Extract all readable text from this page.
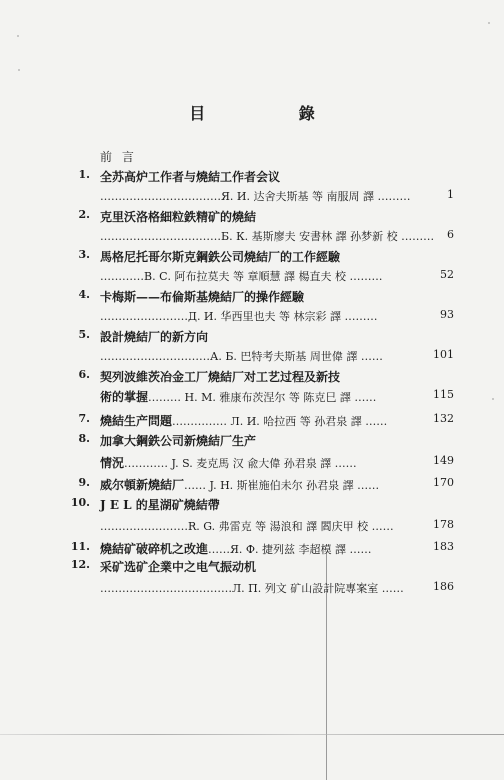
目 錄
前 言
1. 全苏高炉工作者与燒結工作者会议
……………………………Я. И. 达舍夫斯基 等 南服周 譯 ………	1
2. 克里沃洛格細粒鉄精矿的燒結
……………………………Б. К. 基斯廖夫 安書林 譯 孙梦新 校 ……… 6
3. 馬格尼托哥尔斯克鋼鉄公司燒結厂的工作經驗
…………В. С. 阿布拉莫夫 等 章順慧 譯 楊直夫 校 ………	52
4. 卡梅斯——布倫斯基燒結厂的操作經驗
……………………Д. И. 华西里也夫 等 林宗彩 譯 ………	93
5. 設計燒結厂的新方向
…………………………А. Б. 巴特考夫斯基 周世偉 譯 ……	101
6. 契列波維茨冶金工厂燒結厂对工艺过程及新技
術的掌握……… Н. М. 雅康布茨涅尔 等 陈克巳 譯 ……	115
7. 燒結生产問題…………… Л. И. 哈拉西 等 孙君泉 譯 ……	132
8. 加拿大鋼鉄公司新燒結厂生产
情況………… J. S. 麦克馬 汉 兪大偉 孙君泉 譯 ……	149
9. 威尔頓新燒結厂…… J. H. 斯崔施伯未尔 孙君泉 譯 ……	170
10. J E L 的星湖矿燒結帶
……………………R. G. 弗雷克 等 湯浪和 譯 閻庆甲 校 ……	178
11. 燒結矿破碎机之改進……Я. Ф. 捷列兹 李超模 譯 ……	183
12. 采矿选矿企業中之电气振动机
………………………………Л. П. 列文 矿山設計院專案室 ……	186
